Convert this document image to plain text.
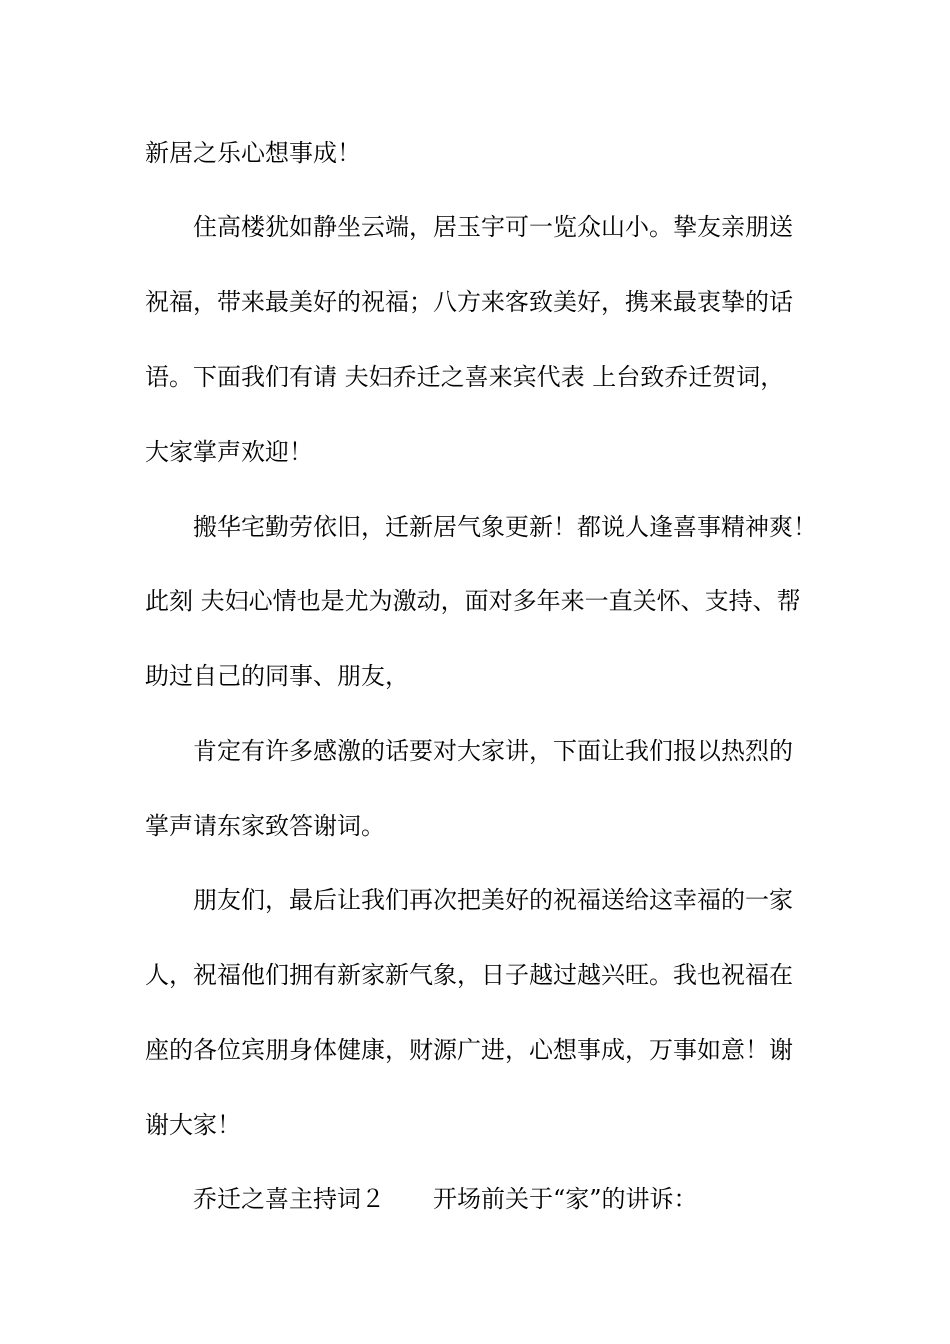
新居之乐心想事成！
住高楼犹如静坐云端，居玉宇可一览众山小。挚友亲朋送
祝福，带来最美好的祝福；八方来客致美好，携来最衷挚的话
语。下面我们有请 夫妇乔迁之喜来宾代表 上台致乔迁贺词，
大家掌声欢迎！
搬华宅勤劳依旧，迁新居气象更新！都说人逢喜事精神爽！
此刻 夫妇心情也是尤为激动，面对多年来一直关怀、支持、帮
助过自己的同事、朋友，
肯定有许多感激的话要对大家讲，下面让我们报以热烈的
掌声请东家致答谢词。
朋友们，最后让我们再次把美好的祝福送给这幸福的一家
人，祝福他们拥有新家新气象，日子越过越兴旺。我也祝福在
座的各位宾朋身体健康，财源广进，心想事成，万事如意！谢
谢大家！
乔迁之喜主持词２　　开场前关于“家”的讲诉：
